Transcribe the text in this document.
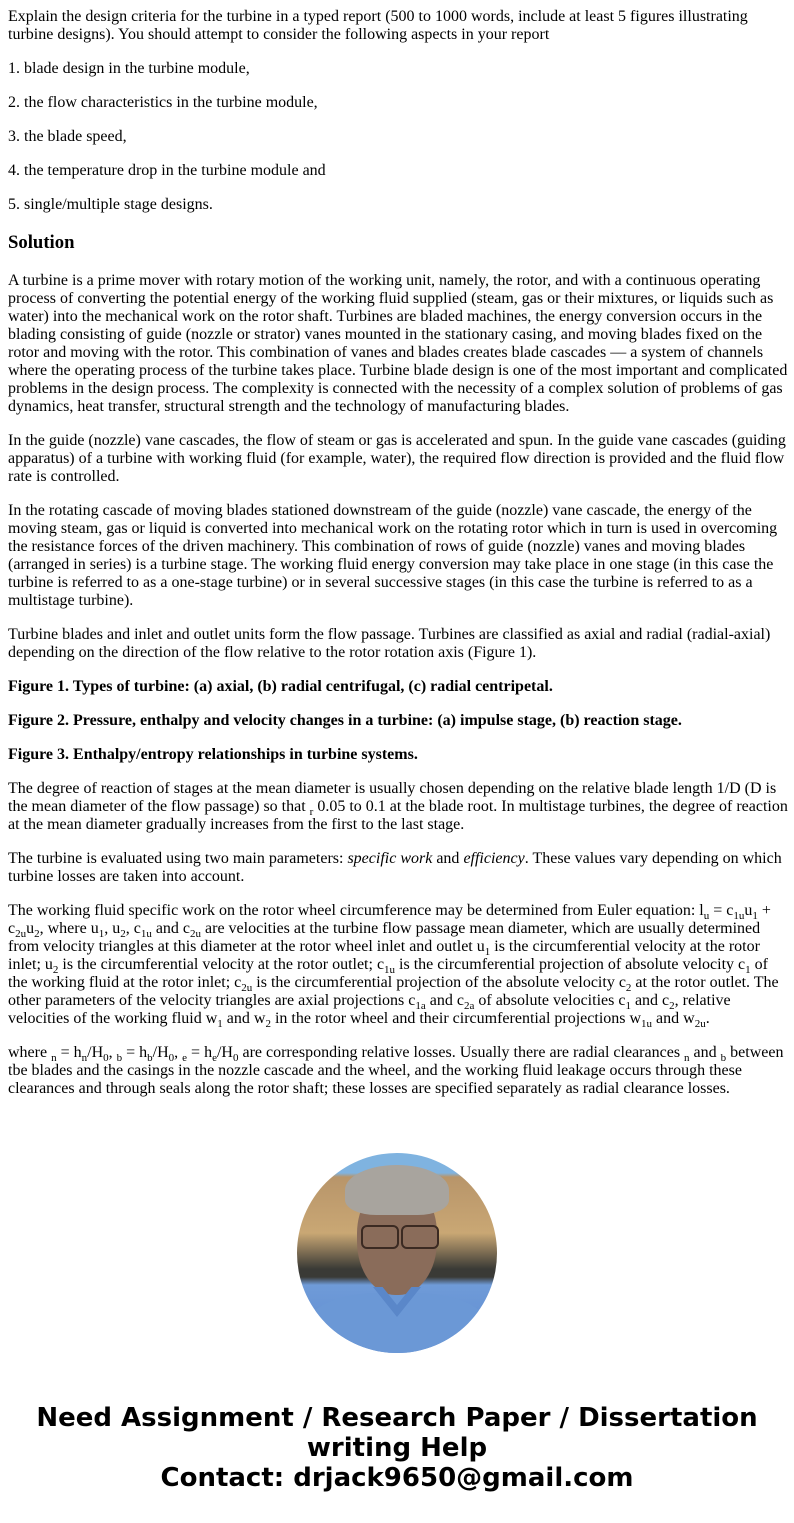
Explain the design criteria for the turbine in a typed report (500 to 1000 words, include at least 5 figures illustrating turbine designs). You should attempt to consider the following aspects in your report

1. blade design in the turbine module,

2. the flow characteristics in the turbine module,

3. the blade speed,

4. the temperature drop in the turbine module and

5. single/multiple stage designs.

Solution

A turbine is a prime mover with rotary motion of the working unit, namely, the rotor, and with a continuous operating process of converting the potential energy of the working fluid supplied (steam, gas or their mixtures, or liquids such as water) into the mechanical work on the rotor shaft. Turbines are bladed machines, the energy conversion occurs in the blading consisting of guide (nozzle or strator) vanes mounted in the stationary casing, and moving blades fixed on the rotor and moving with the rotor. This combination of vanes and blades creates blade cascades — a system of channels where the operating process of the turbine takes place. Turbine blade design is one of the most important and complicated problems in the design process. The complexity is connected with the necessity of a complex solution of problems of gas dynamics, heat transfer, structural strength and the technology of manufacturing blades.

In the guide (nozzle) vane cascades, the flow of steam or gas is accelerated and spun. In the guide vane cascades (guiding apparatus) of a turbine with working fluid (for example, water), the required flow direction is provided and the fluid flow rate is controlled.

In the rotating cascade of moving blades stationed downstream of the guide (nozzle) vane cascade, the energy of the moving steam, gas or liquid is converted into mechanical work on the rotating rotor which in turn is used in overcoming the resistance forces of the driven machinery. This combination of rows of guide (nozzle) vanes and moving blades (arranged in series) is a turbine stage. The working fluid energy conversion may take place in one stage (in this case the turbine is referred to as a one-stage turbine) or in several successive stages (in this case the turbine is referred to as a multistage turbine).

Turbine blades and inlet and outlet units form the flow passage. Turbines are classified as axial and radial (radial-axial) depending on the direction of the flow relative to the rotor rotation axis (Figure 1).

Figure 1. Types of turbine: (a) axial, (b) radial centrifugal, (c) radial centripetal.

Figure 2. Pressure, enthalpy and velocity changes in a turbine: (a) impulse stage, (b) reaction stage.

Figure 3. Enthalpy/entropy relationships in turbine systems.

The degree of reaction of stages at the mean diameter is usually chosen depending on the relative blade length 1/D (D is the mean diameter of the flow passage) so that $_r$ 0.05 to 0.1 at the blade root. In multistage turbines, the degree of reaction at the mean diameter gradually increases from the first to the last stage.

The turbine is evaluated using two main parameters: specific work and efficiency. These values vary depending on which turbine losses are taken into account.

The working fluid specific work on the rotor wheel circumference may be determined from Euler equation: $l_u = c_{1u}u_1 + c_{2u}u_2$, where $u_1$, $u_2$, $c_{1u}$ and $c_{2u}$ are velocities at the turbine flow passage mean diameter, which are usually determined from velocity triangles at this diameter at the rotor wheel inlet and outlet $u_1$ is the circumferential velocity at the rotor inlet; $u_2$ is the circumferential velocity at the rotor outlet; $c_{1u}$ is the circumferential projection of absolute velocity $c_1$ of the working fluid at the rotor inlet; $c_{2u}$ is the circumferential projection of the absolute velocity $c_2$ at the rotor outlet. The other parameters of the velocity triangles are axial projections $c_{1a}$ and $c_{2a}$ of absolute velocities $c_1$ and $c_2$, relative velocities of the working fluid $w_1$ and $w_2$ in the rotor wheel and their circumferential projections $w_{1u}$ and $w_{2u}$.

where $_n = h_n/H_0$, $_b = h_b/H_0$, $_e = h_e/H_0$ are corresponding relative losses. Usually there are radial clearances $_n$ and $_b$ between tbe blades and the casings in the nozzle cascade and the wheel, and the working fluid leakage occurs through these clearances and through seals along the rotor shaft; these losses are specified separately as radial clearance losses.

Need Assignment / Research Paper / Dissertation
writing Help
Contact: drjack9650@gmail.com
